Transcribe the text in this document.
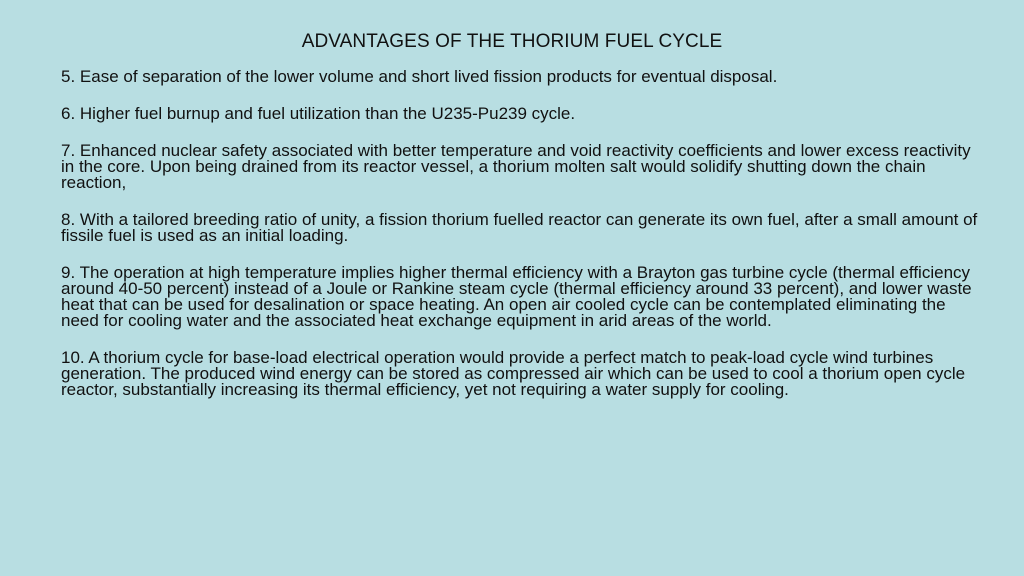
ADVANTAGES OF THE THORIUM FUEL CYCLE
5. Ease of separation of the lower volume and short lived fission products for eventual disposal.
6. Higher fuel burnup and fuel utilization than the U235-Pu239 cycle.
7. Enhanced nuclear safety associated with better temperature and void reactivity coefficients and lower excess reactivity in the core. Upon being drained from its reactor vessel, a thorium molten salt would solidify shutting down the chain reaction,
8. With a tailored breeding ratio of unity, a fission thorium fuelled reactor can generate its own fuel, after a small amount of fissile fuel is used as an initial loading.
9. The operation at high temperature implies higher thermal efficiency with a Brayton gas turbine cycle (thermal efficiency around 40-50 percent) instead of a Joule or Rankine steam cycle (thermal efficiency around 33 percent), and lower waste heat that can be used for desalination or space heating. An open air cooled cycle can be contemplated eliminating the need for cooling water and the associated heat exchange equipment in arid areas of the world.
10. A thorium cycle for base-load electrical operation would provide a perfect match to peak-load cycle wind turbines generation. The produced wind energy can be stored as compressed air which can be used to cool a thorium open cycle reactor, substantially increasing its thermal efficiency, yet not requiring a water supply for cooling.
